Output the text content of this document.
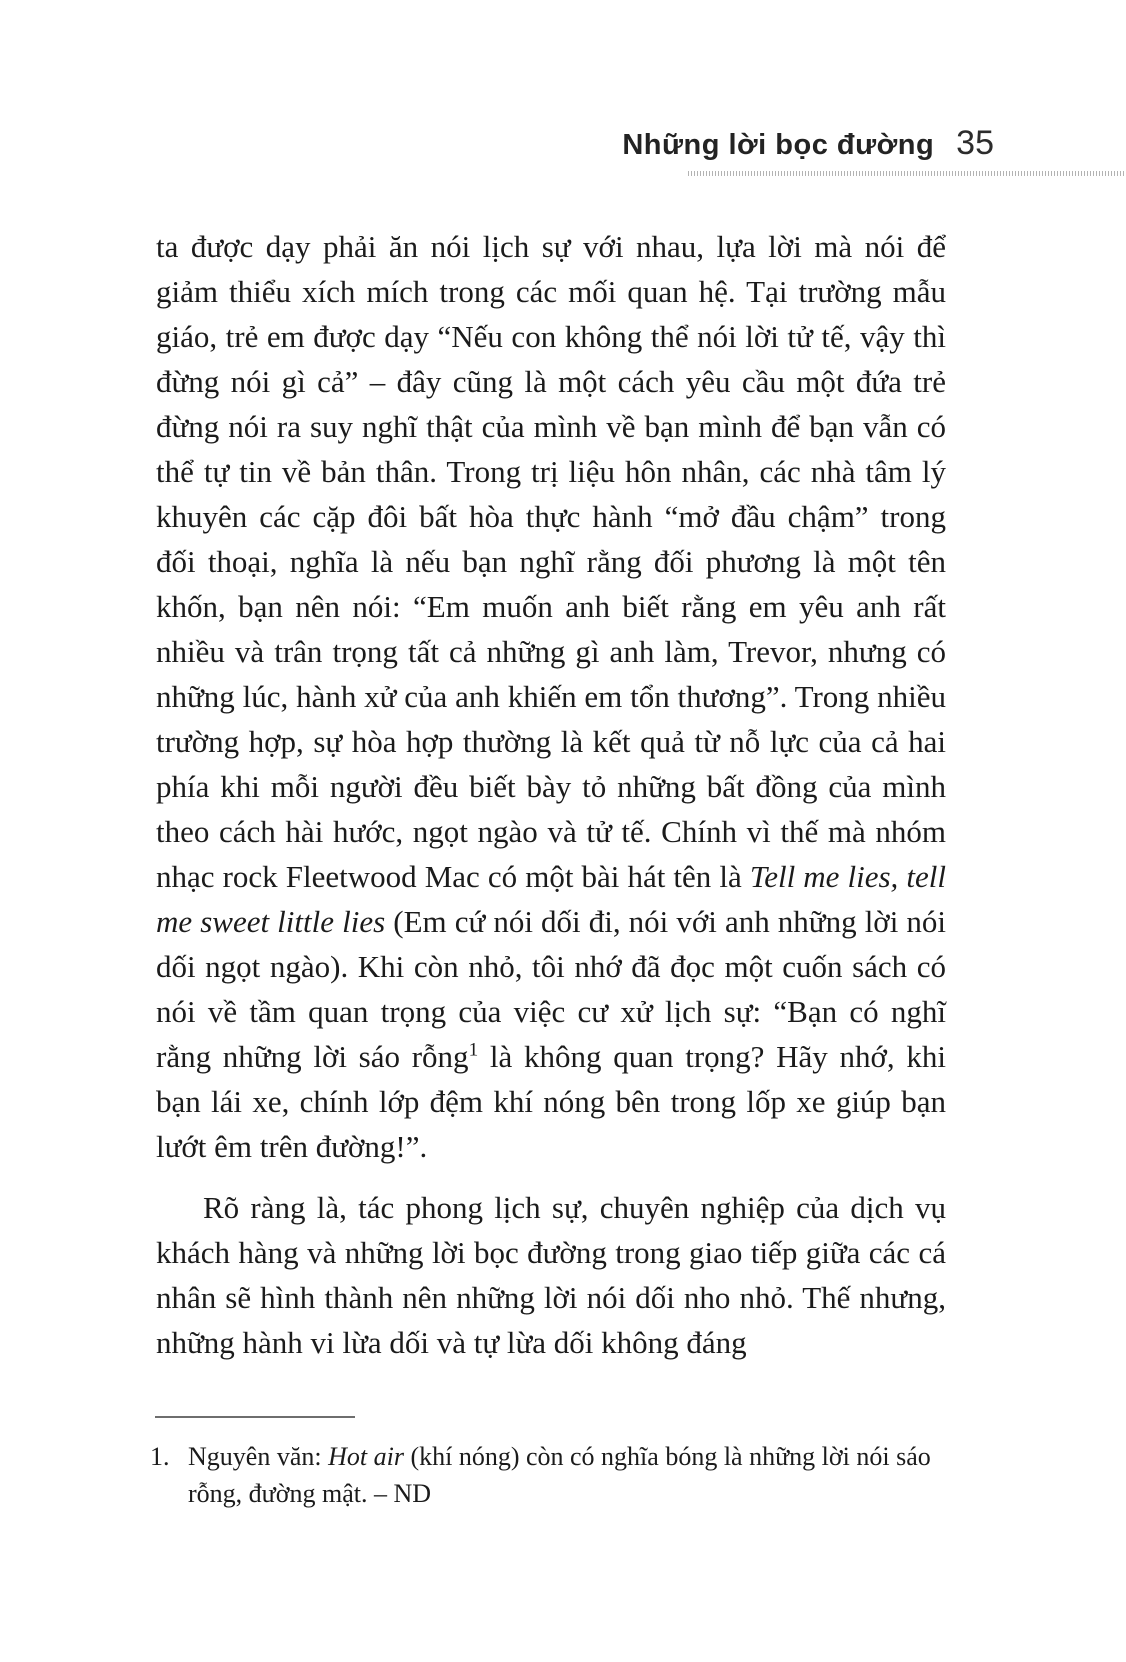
Những lời bọc đường 35

ta được dạy phải ăn nói lịch sự với nhau, lựa lời mà nói để giảm thiểu xích mích trong các mối quan hệ. Tại trường mẫu giáo, trẻ em được dạy “Nếu con không thể nói lời tử tế, vậy thì đừng nói gì cả” – đây cũng là một cách yêu cầu một đứa trẻ đừng nói ra suy nghĩ thật của mình về bạn mình để bạn vẫn có thể tự tin về bản thân. Trong trị liệu hôn nhân, các nhà tâm lý khuyên các cặp đôi bất hòa thực hành “mở đầu chậm” trong đối thoại, nghĩa là nếu bạn nghĩ rằng đối phương là một tên khốn, bạn nên nói: “Em muốn anh biết rằng em yêu anh rất nhiều và trân trọng tất cả những gì anh làm, Trevor, nhưng có những lúc, hành xử của anh khiến em tổn thương”. Trong nhiều trường hợp, sự hòa hợp thường là kết quả từ nỗ lực của cả hai phía khi mỗi người đều biết bày tỏ những bất đồng của mình theo cách hài hước, ngọt ngào và tử tế. Chính vì thế mà nhóm nhạc rock Fleetwood Mac có một bài hát tên là Tell me lies, tell me sweet little lies (Em cứ nói dối đi, nói với anh những lời nói dối ngọt ngào). Khi còn nhỏ, tôi nhớ đã đọc một cuốn sách có nói về tầm quan trọng của việc cư xử lịch sự: “Bạn có nghĩ rằng những lời sáo rỗng$^1$ là không quan trọng? Hãy nhớ, khi bạn lái xe, chính lớp đệm khí nóng bên trong lốp xe giúp bạn lướt êm trên đường!”.

Rõ ràng là, tác phong lịch sự, chuyên nghiệp của dịch vụ khách hàng và những lời bọc đường trong giao tiếp giữa các cá nhân sẽ hình thành nên những lời nói dối nho nhỏ. Thế nhưng, những hành vi lừa dối và tự lừa dối không đáng

1. Nguyên văn: Hot air (khí nóng) còn có nghĩa bóng là những lời nói sáo rỗng, đường mật. – ND
